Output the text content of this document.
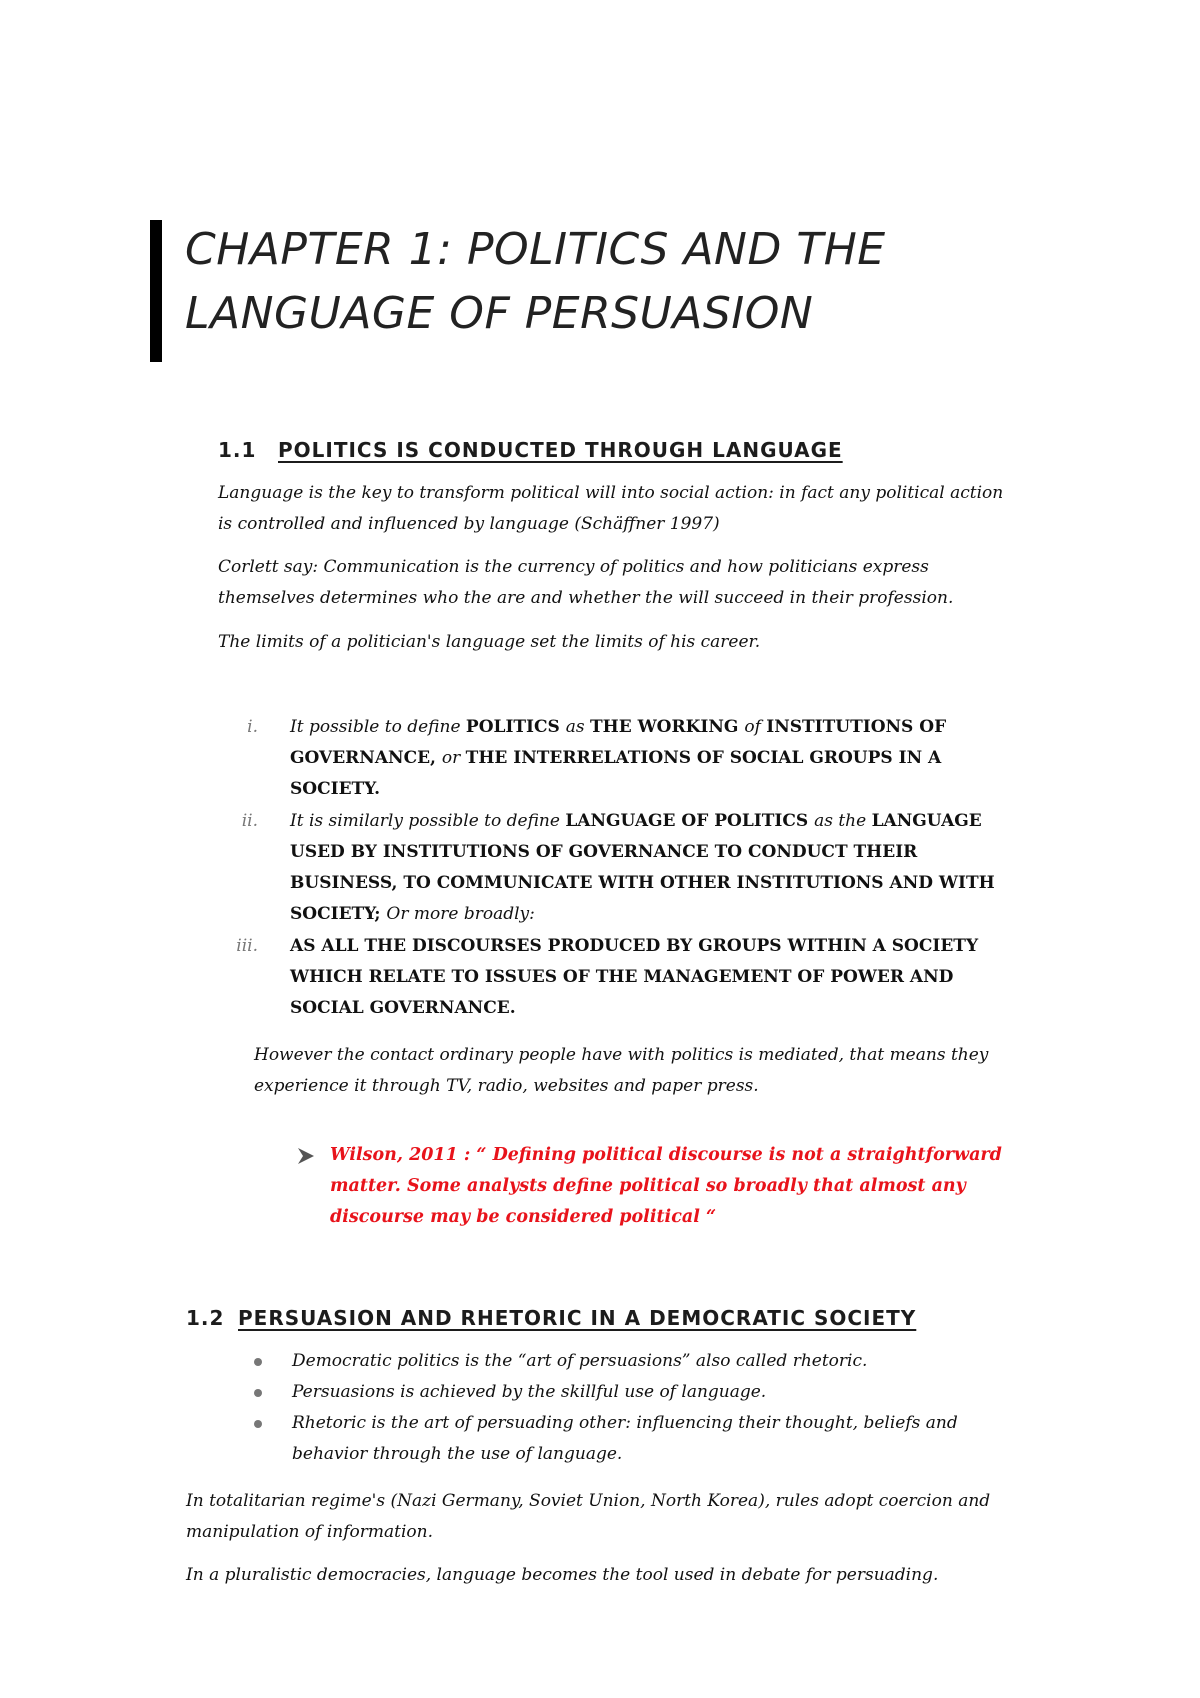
CHAPTER 1: POLITICS AND THE LANGUAGE OF PERSUASION
1.1 POLITICS IS CONDUCTED THROUGH LANGUAGE

Language is the key to transform political will into social action: in fact any political action is controlled and influenced by language (Schäffner 1997)

Corlett say: Communication is the currency of politics and how politicians express themselves determines who the are and whether the will succeed in their profession.

The limits of a politician's language set the limits of his career.

i. It possible to define POLITICS as THE WORKING of INSTITUTIONS OF GOVERNANCE, or THE INTERRELATIONS OF SOCIAL GROUPS IN A SOCIETY.
ii. It is similarly possible to define LANGUAGE OF POLITICS as the LANGUAGE USED BY INSTITUTIONS OF GOVERNANCE TO CONDUCT THEIR BUSINESS, TO COMMUNICATE WITH OTHER INSTITUTIONS AND WITH SOCIETY; Or more broadly:
iii. AS ALL THE DISCOURSES PRODUCED BY GROUPS WITHIN A SOCIETY WHICH RELATE TO ISSUES OF THE MANAGEMENT OF POWER AND SOCIAL GOVERNANCE.

However the contact ordinary people have with politics is mediated, that means they experience it through TV, radio, websites and paper press.

Wilson, 2011 : “ Defining political discourse is not a straightforward matter. Some analysts define political so broadly that almost any discourse may be considered political “

1.2 PERSUASION AND RHETORIC IN A DEMOCRATIC SOCIETY
Democratic politics is the “art of persuasions” also called rhetoric.
Persuasions is achieved by the skillful use of language.
Rhetoric is the art of persuading other: influencing their thought, beliefs and behavior through the use of language.

In totalitarian regime's (Nazi Germany, Soviet Union, North Korea), rules adopt coercion and manipulation of information.

In a pluralistic democracies, language becomes the tool used in debate for persuading.
